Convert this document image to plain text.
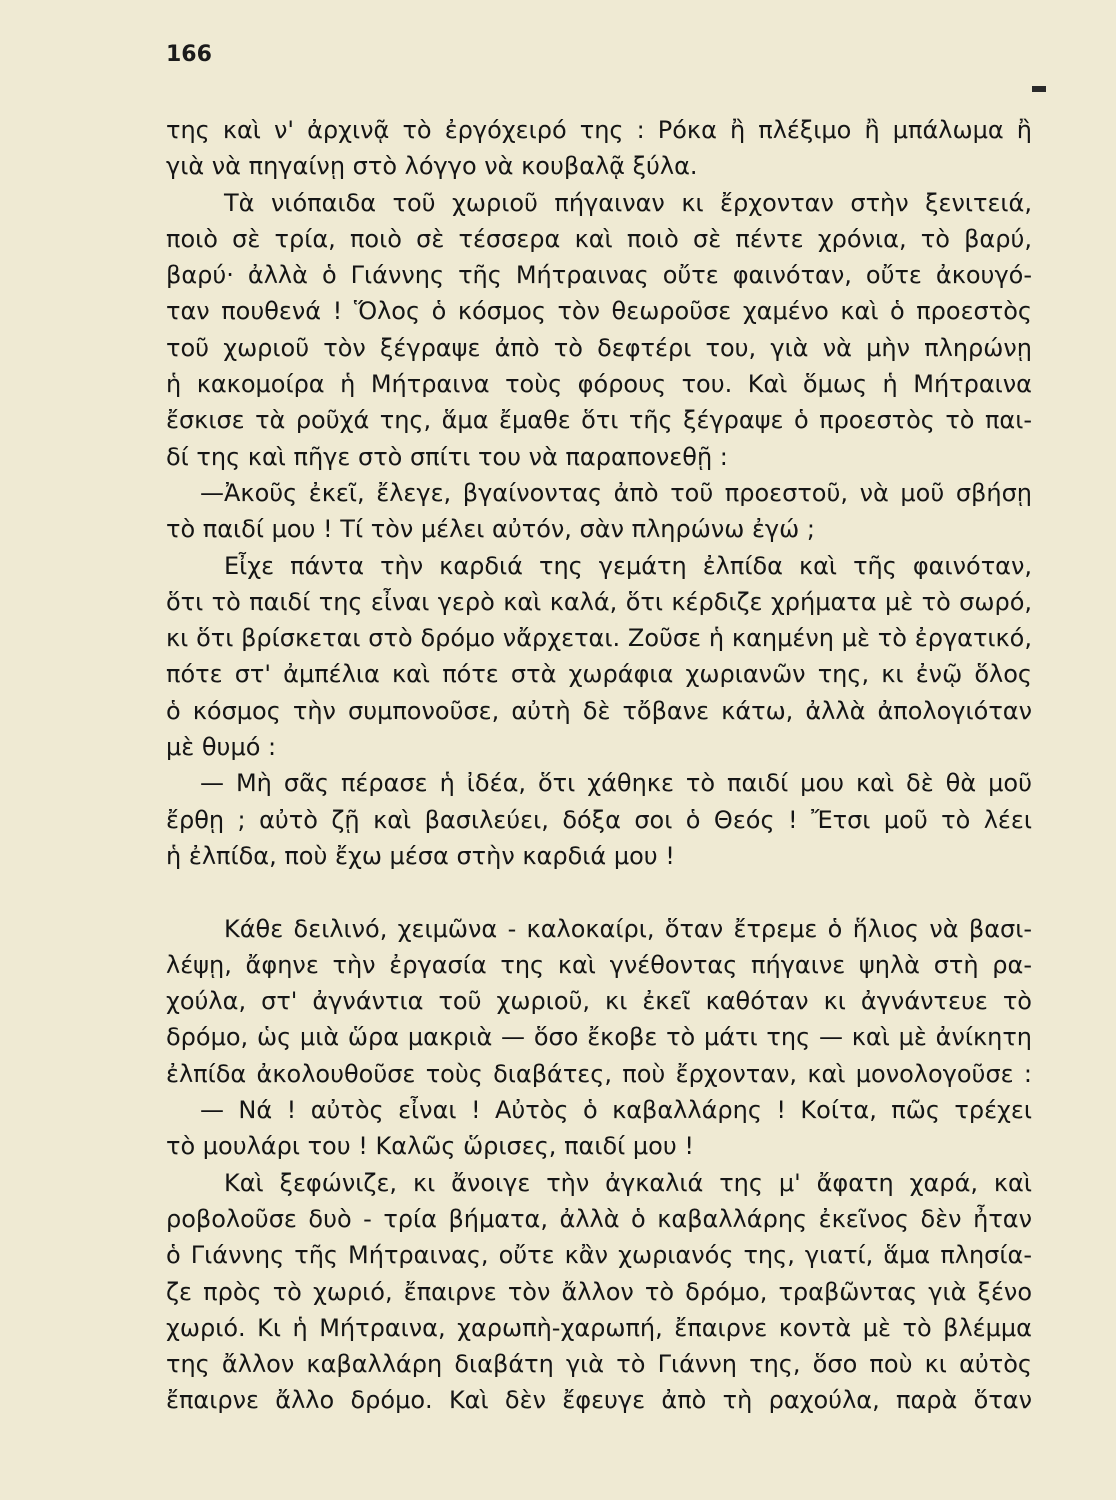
166
της καὶ ν' ἀρχινᾷ τὸ ἐργόχειρό της : Ρόκα ἢ πλέξιμο ἢ μπάλωμα ἢ
γιὰ νὰ πηγαίνῃ στὸ λόγγο νὰ κουβαλᾷ ξύλα.
Τὰ νιόπαιδα τοῦ χωριοῦ πήγαιναν κι ἔρχονταν στὴν ξενιτειά,
ποιὸ σὲ τρία, ποιὸ σὲ τέσσερα καὶ ποιὸ σὲ πέντε χρόνια, τὸ βαρύ,
βαρύ· ἀλλὰ ὁ Γιάννης τῆς Μήτραινας οὔτε φαινόταν, οὔτε ἀκουγό-
ταν πουθενά ! Ὅλος ὁ κόσμος τὸν θεωροῦσε χαμένο καὶ ὁ προεστὸς
τοῦ χωριοῦ τὸν ξέγραψε ἀπὸ τὸ δεφτέρι του, γιὰ νὰ μὴν πληρώνῃ
ἡ κακομοίρα ἡ Μήτραινα τοὺς φόρους του. Καὶ ὅμως ἡ Μήτραινα
ἔσκισε τὰ ροῦχά της, ἅμα ἔμαθε ὅτι τῆς ξέγραψε ὁ προεστὸς τὸ παι-
δί της καὶ πῆγε στὸ σπίτι του νὰ παραπονεθῇ :
—Ἀκοῦς ἐκεῖ, ἔλεγε, βγαίνοντας ἀπὸ τοῦ προεστοῦ, νὰ μοῦ σβήσῃ
τὸ παιδί μου ! Τί τὸν μέλει αὐτόν, σὰν πληρώνω ἐγώ ;
Εἶχε πάντα τὴν καρδιά της γεμάτη ἐλπίδα καὶ τῆς φαινόταν,
ὅτι τὸ παιδί της εἶναι γερὸ καὶ καλά, ὅτι κέρδιζε χρήματα μὲ τὸ σωρό,
κι ὅτι βρίσκεται στὸ δρόμο νἄρχεται. Ζοῦσε ἡ καημένη μὲ τὸ ἐργατικό,
πότε στ' ἀμπέλια καὶ πότε στὰ χωράφια χωριανῶν της, κι ἐνῷ ὅλος
ὁ κόσμος τὴν συμπονοῦσε, αὐτὴ δὲ τὄβανε κάτω, ἀλλὰ ἀπολογιόταν
μὲ θυμό :
— Μὴ σᾶς πέρασε ἡ ἰδέα, ὅτι χάθηκε τὸ παιδί μου καὶ δὲ θὰ μοῦ
ἔρθῃ ; αὐτὸ ζῇ καὶ βασιλεύει, δόξα σοι ὁ Θεός ! Ἔτσι μοῦ τὸ λέει
ἡ ἐλπίδα, ποὺ ἔχω μέσα στὴν καρδιά μου !
Κάθε δειλινό, χειμῶνα - καλοκαίρι, ὅταν ἔτρεμε ὁ ἥλιος νὰ βασι-
λέψῃ, ἄφηνε τὴν ἐργασία της καὶ γνέθοντας πήγαινε ψηλὰ στὴ ρα-
χούλα, στ' ἀγνάντια τοῦ χωριοῦ, κι ἐκεῖ καθόταν κι ἀγνάντευε τὸ
δρόμο, ὡς μιὰ ὥρα μακριὰ — ὅσο ἔκοβε τὸ μάτι της — καὶ μὲ ἀνίκητη
ἐλπίδα ἀκολουθοῦσε τοὺς διαβάτες, ποὺ ἔρχονταν, καὶ μονολογοῦσε :
— Νά ! αὐτὸς εἶναι ! Αὐτὸς ὁ καβαλλάρης ! Κοίτα, πῶς τρέχει
τὸ μουλάρι του ! Καλῶς ὥρισες, παιδί μου !
Καὶ ξεφώνιζε, κι ἄνοιγε τὴν ἀγκαλιά της μ' ἄφατη χαρά, καὶ
ροβολοῦσε δυὸ - τρία βήματα, ἀλλὰ ὁ καβαλλάρης ἐκεῖνος δὲν ἦταν
ὁ Γιάννης τῆς Μήτραινας, οὔτε κἂν χωριανός της, γιατί, ἅμα πλησία-
ζε πρὸς τὸ χωριό, ἔπαιρνε τὸν ἄλλον τὸ δρόμο, τραβῶντας γιὰ ξένο
χωριό. Κι ἡ Μήτραινα, χαρωπὴ-χαρωπή, ἔπαιρνε κοντὰ μὲ τὸ βλέμμα
της ἄλλον καβαλλάρη διαβάτη γιὰ τὸ Γιάννη της, ὅσο ποὺ κι αὐτὸς
ἔπαιρνε ἄλλο δρόμο. Καὶ δὲν ἔφευγε ἀπὸ τὴ ραχούλα, παρὰ ὅταν
